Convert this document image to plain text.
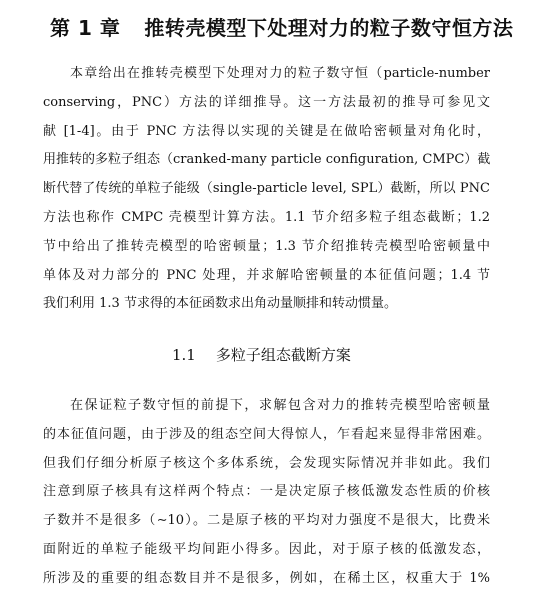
第 1 章 推转壳模型下处理对力的粒子数守恒方法
本章给出在推转壳模型下处理对力的粒子数守恒（particle-number
conserving，PNC）方法的详细推导。这一方法最初的推导可参见文
献 [1-4]。由于 PNC 方法得以实现的关键是在做哈密顿量对角化时，
用推转的多粒子组态（cranked-many particle configuration, CMPC）截
断代替了传统的单粒子能级（single-particle level, SPL）截断，所以 PNC
方法也称作 CMPC 壳模型计算方法。1.1 节介绍多粒子组态截断；1.2
节中给出了推转壳模型的哈密顿量；1.3 节介绍推转壳模型哈密顿量中
单体及对力部分的 PNC 处理，并求解哈密顿量的本征值问题；1.4 节
我们利用 1.3 节求得的本征函数求出角动量顺排和转动惯量。
1.1 多粒子组态截断方案
在保证粒子数守恒的前提下，求解包含对力的推转壳模型哈密顿量
的本征值问题，由于涉及的组态空间大得惊人，乍看起来显得非常困难。
但我们仔细分析原子核这个多体系统，会发现实际情况并非如此。我们
注意到原子核具有这样两个特点：一是决定原子核低激发态性质的价核
子数并不是很多（∼10）。二是原子核的平均对力强度不是很大，比费米
面附近的单粒子能级平均间距小得多。因此，对于原子核的低激发态，
所涉及的重要的组态数目并不是很多，例如，在稀土区，权重大于 1%
